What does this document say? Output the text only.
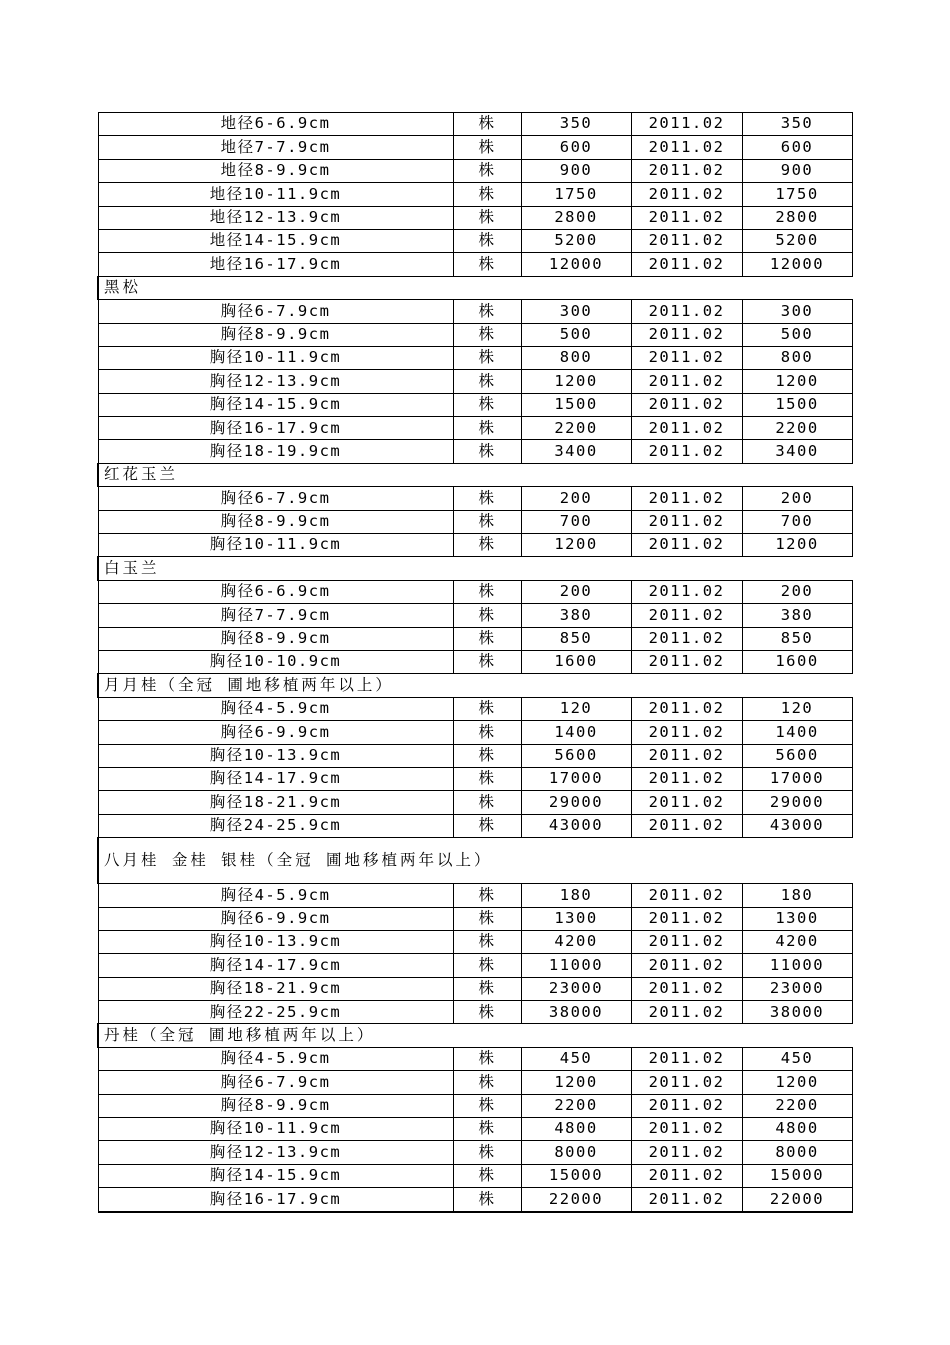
地径6-6.9cm	株	350	2011.02	350
地径7-7.9cm	株	600	2011.02	600
地径8-9.9cm	株	900	2011.02	900
地径10-11.9cm	株	1750	2011.02	1750
地径12-13.9cm	株	2800	2011.02	2800
地径14-15.9cm	株	5200	2011.02	5200
地径16-17.9cm	株	12000	2011.02	12000
黑松				
胸径6-7.9cm	株	300	2011.02	300
胸径8-9.9cm	株	500	2011.02	500
胸径10-11.9cm	株	800	2011.02	800
胸径12-13.9cm	株	1200	2011.02	1200
胸径14-15.9cm	株	1500	2011.02	1500
胸径16-17.9cm	株	2200	2011.02	2200
胸径18-19.9cm	株	3400	2011.02	3400
红花玉兰				
胸径6-7.9cm	株	200	2011.02	200
胸径8-9.9cm	株	700	2011.02	700
胸径10-11.9cm	株	1200	2011.02	1200
白玉兰				
胸径6-6.9cm	株	200	2011.02	200
胸径7-7.9cm	株	380	2011.02	380
胸径8-9.9cm	株	850	2011.02	850
胸径10-10.9cm	株	1600	2011.02	1600
月月桂（全冠 圃地移植两年以上）				
胸径4-5.9cm	株	120	2011.02	120
胸径6-9.9cm	株	1400	2011.02	1400
胸径10-13.9cm	株	5600	2011.02	5600
胸径14-17.9cm	株	17000	2011.02	17000
胸径18-21.9cm	株	29000	2011.02	29000
胸径24-25.9cm	株	43000	2011.02	43000
八月桂 金桂 银桂（全冠 圃地移植两年以上）				
胸径4-5.9cm	株	180	2011.02	180
胸径6-9.9cm	株	1300	2011.02	1300
胸径10-13.9cm	株	4200	2011.02	4200
胸径14-17.9cm	株	11000	2011.02	11000
胸径18-21.9cm	株	23000	2011.02	23000
胸径22-25.9cm	株	38000	2011.02	38000
丹桂（全冠 圃地移植两年以上）				
胸径4-5.9cm	株	450	2011.02	450
胸径6-7.9cm	株	1200	2011.02	1200
胸径8-9.9cm	株	2200	2011.02	2200
胸径10-11.9cm	株	4800	2011.02	4800
胸径12-13.9cm	株	8000	2011.02	8000
胸径14-15.9cm	株	15000	2011.02	15000
胸径16-17.9cm	株	22000	2011.02	22000
